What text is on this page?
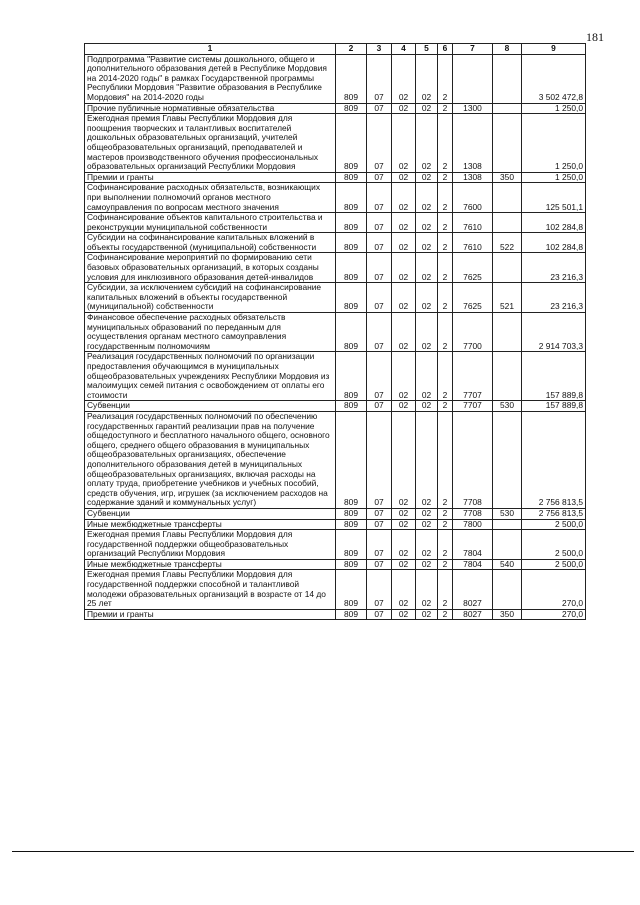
181
1	2	3	4	5	6	7	8	9
Подпрограмма "Развитие системы дошкольного, общего и дополнительного образования детей в Республике Мордовия на 2014-2020 годы" в рамках Государственной программы Республики Мордовия "Развитие образования в Республике Мордовия" на 2014-2020 годы	809	07	02	02	2			3 502 472,8
Прочие публичные нормативные обязательства	809	07	02	02	2	1300		1 250,0
Ежегодная премия Главы Республики Мордовия для поощрения творческих и талантливых воспитателей дошкольных образовательных организаций, учителей общеобразовательных организаций, преподавателей и мастеров производственного обучения профессиональных образовательных организаций Республики Мордовия	809	07	02	02	2	1308		1 250,0
Премии и гранты	809	07	02	02	2	1308	350	1 250,0
Софинансирование расходных обязательств, возникающих при выполнении полномочий органов местного самоуправления по вопросам местного значения	809	07	02	02	2	7600		125 501,1
Софинансирование объектов капитального строительства и реконструкции муниципальной собственности	809	07	02	02	2	7610		102 284,8
Субсидии на софинансирование капитальных вложений в объекты государственной (муниципальной) собственности	809	07	02	02	2	7610	522	102 284,8
Софинансирование мероприятий по формированию сети базовых образовательных организаций, в которых созданы условия для инклюзивного образования детей-инвалидов	809	07	02	02	2	7625		23 216,3
Субсидии, за исключением субсидий на софинансирование капитальных вложений в объекты государственной (муниципальной) собственности	809	07	02	02	2	7625	521	23 216,3
Финансовое обеспечение расходных обязательств муниципальных образований по переданным для осуществления органам местного самоуправления государственным полномочиям	809	07	02	02	2	7700		2 914 703,3
Реализация государственных полномочий по организации предоставления обучающимся в муниципальных общеобразовательных учреждениях Республики Мордовия из малоимущих семей питания с освобождением от оплаты его стоимости	809	07	02	02	2	7707		157 889,8
Субвенции	809	07	02	02	2	7707	530	157 889,8
Реализация государственных полномочий по обеспечению государственных гарантий реализации прав на получение общедоступного и бесплатного начального общего, основного общего, среднего общего образования в муниципальных общеобразовательных организациях, обеспечение дополнительного образования детей в муниципальных общеобразовательных организациях, включая расходы на оплату труда, приобретение учебников и учебных пособий, средств обучения, игр, игрушек (за исключением расходов на содержание зданий и коммунальных услуг)	809	07	02	02	2	7708		2 756 813,5
Субвенции	809	07	02	02	2	7708	530	2 756 813,5
Иные межбюджетные трансферты	809	07	02	02	2	7800		2 500,0
Ежегодная премия Главы Республики Мордовия для государственной поддержки общеобразовательных организаций Республики Мордовия	809	07	02	02	2	7804		2 500,0
Иные межбюджетные трансферты	809	07	02	02	2	7804	540	2 500,0
Ежегодная премия Главы Республики Мордовия для государственной поддержки способной и талантливой молодежи образовательных организаций в возрасте от 14 до 25 лет	809	07	02	02	2	8027		270,0
Премии и гранты	809	07	02	02	2	8027	350	270,0
